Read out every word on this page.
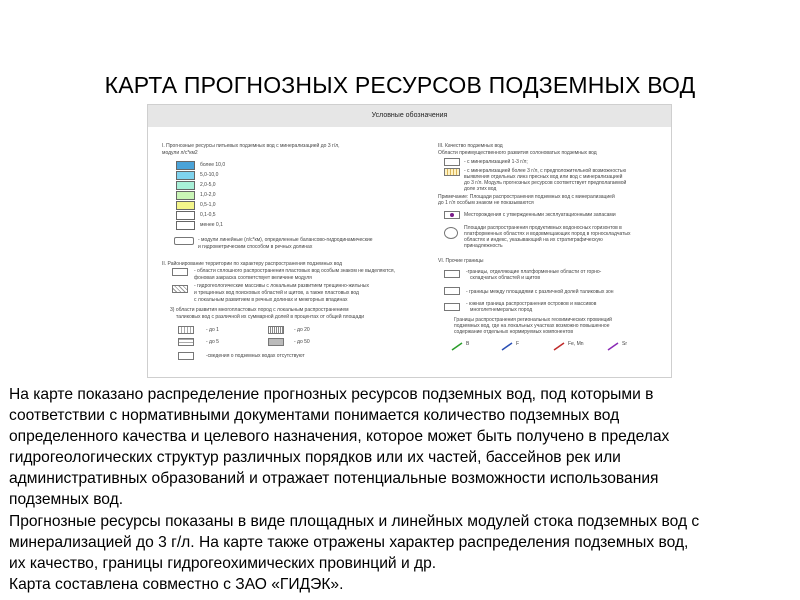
КАРТА ПРОГНОЗНЫХ РЕСУРСОВ ПОДЗЕМНЫХ ВОД
Условные обозначения
I. Прогнозные ресурсы питьевых подземных вод с минерализацией до 3 г/л,
модули л/с*км2
более 10,0
5,0-10,0
2,0-5,0
1,0-2,0
0,5-1,0
0,1-0,5
менее 0,1
- модули линейные (л/с*км), определенные балансово-гидродинамические
и гидрометрическим способом в речных долинах
II. Районирование территории по характеру распространения подземных вод
- области сплошного распространения пластовых вод особым знаком не выделяются,
фоновая закраска соответствует величине модуля
- гидрогеологические массивы с локальным развитием трещинно-жильных
и трещинных вод поисковых областей и щитов, а также пластовых вод
с локальным развитием в речных долинах и межгорных впадинах
3) области развития многопластовых пород с локальным распространением
таликовых вод с различной их суммарной долей в процентах от общей площади
- до 1	- до 20
- до 5	- до 50
-сведения о подземных водах отсутствуют
III. Качество подземных вод
Области преимущественного развития солоноватых подземных вод
- с минерализацией 1-3 г/л;
- с минерализацией более 3 г/л, с предположительной возможностью
выявления отдельных линз пресных вод или вод с минерализацией
до 3 г/л. Модуль прогнозных ресурсов соответствует предполагаемой
доле этих вод
Примечание: Площади распространения подземных вод с минерализацией
до 1 г/л особым знаком не показываются
Месторождения с утвержденными эксплуатационными запасами
Площади распространения продуктивных водоносных горизонтов в
платформенных областях и водовмещающих пород в горноскладчатых
областях и индекс, указывающий на их стратиграфическую
принадлежность
VI. Прочие границы
-границы, отделяющие платформенные области от горно-
складчатых областей и щитов
- границы между площадями с различной долей таликовых зон
- южная граница распространения островов и массивов
многолетнемерзлых пород
Границы распространения региональных геохимических провинций
подземных вод, где на локальных участках возможно повышенное
содержание отдельных нормируемых компонентов
B	F	Fe, Mn	Sr

На карте показано распределение прогнозных ресурсов подземных вод, под которыми в

соответствии с нормативными документами понимается количество подземных вод

определенного качества и целевого назначения, которое может быть получено в пределах

гидрогеологических структур различных порядков или их частей, бассейнов рек или

административных образований и отражает потенциальные возможности использования

подземных вод.

Прогнозные ресурсы показаны в виде площадных и линейных модулей стока подземных вод с

минерализацией до 3 г/л. На карте также отражены характер распределения подземных вод,

их качество, границы гидрогеохимических провинций и др.

Карта составлена совместно с ЗАО «ГИДЭК».
